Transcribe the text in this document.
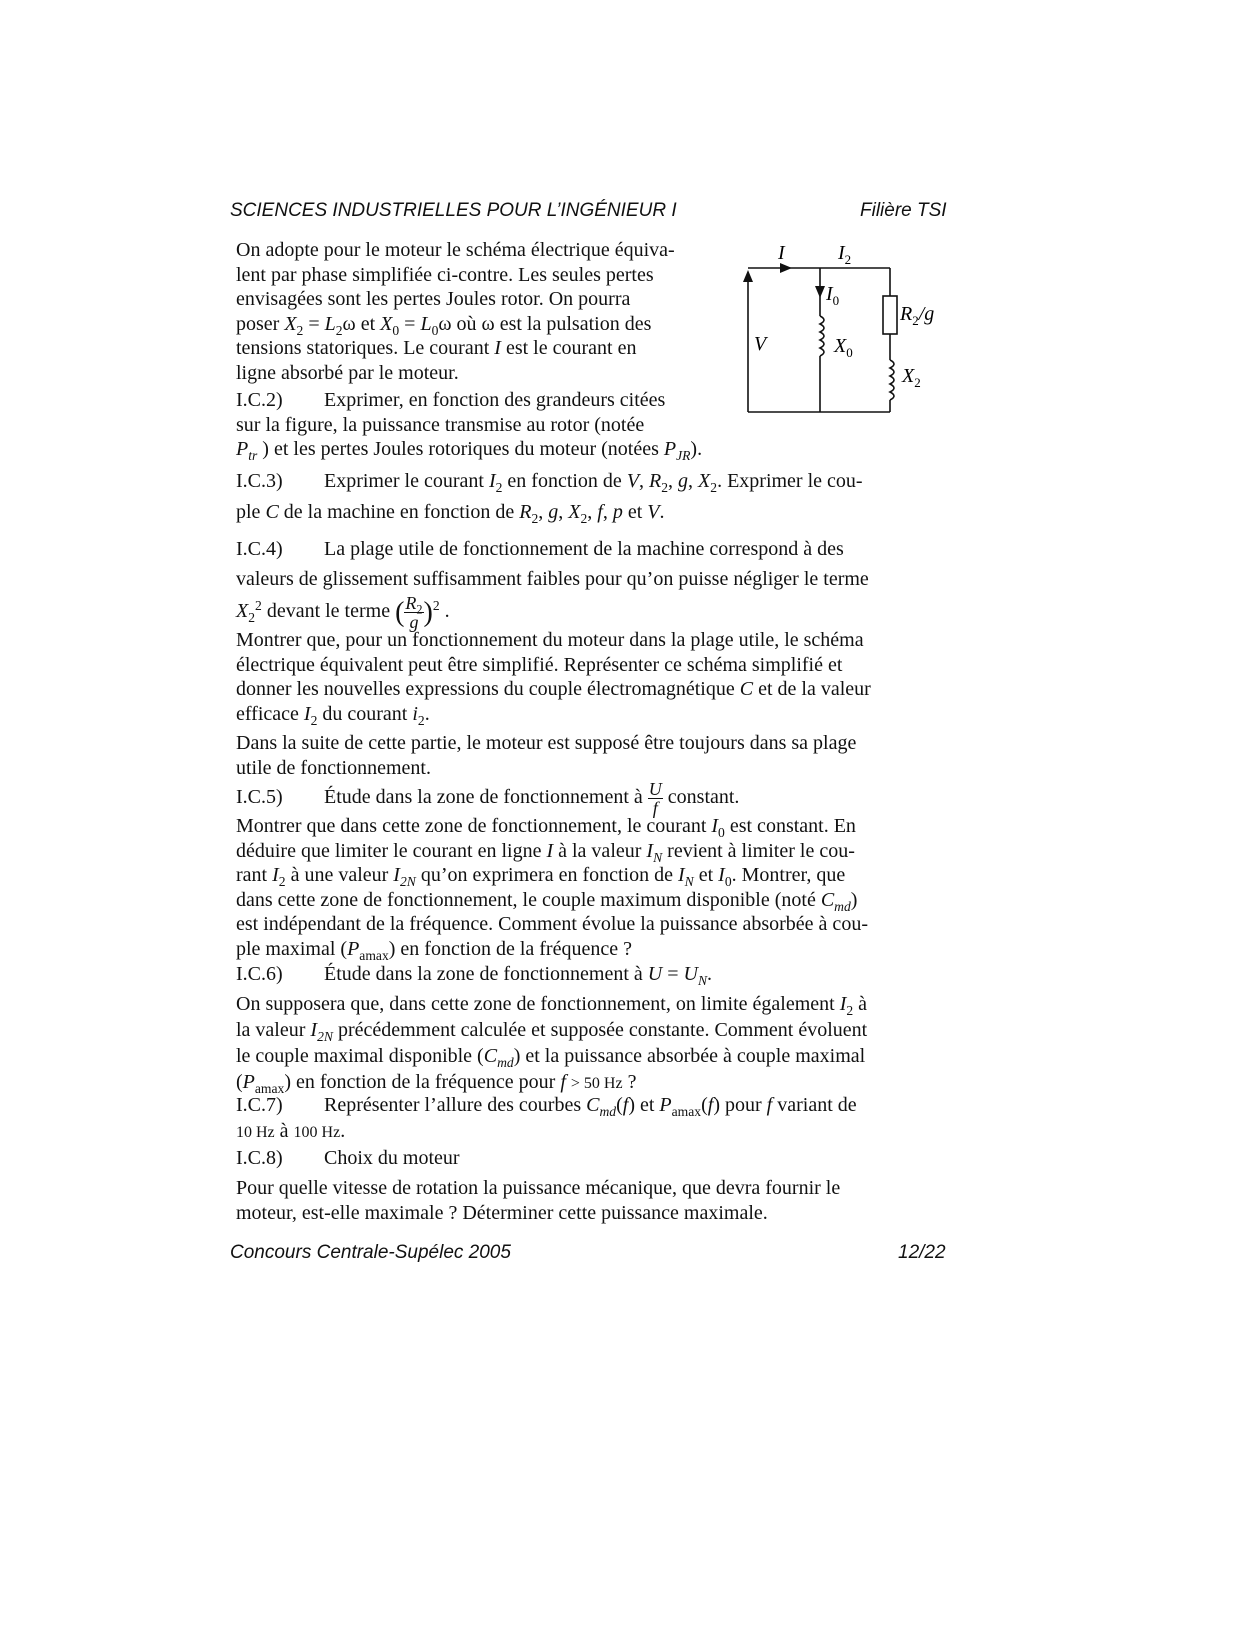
SCIENCES INDUSTRIELLES POUR L’INGÉNIEUR I	Filière TSI
I	$I_2$
$I_0$
$R_2/g$
V	$X_0$
$X_2$
On adopte pour le moteur le schéma électrique équiva-
lent par phase simplifiée ci-contre. Les seules pertes
envisagées sont les pertes Joules rotor. On pourra
poser $X_2 = L_2\omega$ et $X_0 = L_0\omega$ où ω est la pulsation des
tensions statoriques. Le courant I est le courant en
ligne absorbé par le moteur.
I.C.2) Exprimer, en fonction des grandeurs citées
sur la figure, la puissance transmise au rotor (notée
$P_{tr}$ ) et les pertes Joules rotoriques du moteur (notées $P_{JR}$).
I.C.3) Exprimer le courant $I_2$ en fonction de V, $R_2$, g, $X_2$. Exprimer le cou-
ple C de la machine en fonction de $R_2$, g, $X_2$, f, p et V.
I.C.4) La plage utile de fonctionnement de la machine correspond à des
valeurs de glissement suffisamment faibles pour qu’on puisse négliger le terme
$X_2^2$ devant le terme ( $\frac{R_2}{g} )^2$ .
Montrer que, pour un fonctionnement du moteur dans la plage utile, le schéma
électrique équivalent peut être simplifié. Représenter ce schéma simplifié et
donner les nouvelles expressions du couple électromagnétique C et de la valeur
efficace $I_2$ du courant $i_2$.
Dans la suite de cette partie, le moteur est supposé être toujours dans sa plage
utile de fonctionnement.
I.C.5) Étude dans la zone de fonctionnement à $\frac{U}{f}$ constant.
Montrer que dans cette zone de fonctionnement, le courant $I_0$ est constant. En
déduire que limiter le courant en ligne I à la valeur $I_N$ revient à limiter le cou-
rant $I_2$ à une valeur $I_{2N}$ qu’on exprimera en fonction de $I_N$ et $I_0$. Montrer, que
dans cette zone de fonctionnement, le couple maximum disponible (noté $C_{md}$)
est indépendant de la fréquence. Comment évolue la puissance absorbée à cou-
ple maximal $(P_{amax})$ en fonction de la fréquence ?
I.C.6) Étude dans la zone de fonctionnement à $U = U_N$.
On supposera que, dans cette zone de fonctionnement, on limite également $I_2$ à
la valeur $I_{2N}$ précédemment calculée et supposée constante. Comment évoluent
le couple maximal disponible $(C_{md})$ et la puissance absorbée à couple maximal
$(P_{amax})$ en fonction de la fréquence pour f > 50 Hz ?
I.C.7) Représenter l’allure des courbes $C_{md}(f)$ et $P_{amax}(f)$ pour f variant de
10 Hz à 100 Hz.
I.C.8) Choix du moteur
Pour quelle vitesse de rotation la puissance mécanique, que devra fournir le
moteur, est-elle maximale ? Déterminer cette puissance maximale.
Concours Centrale-Supélec 2005	12/22
